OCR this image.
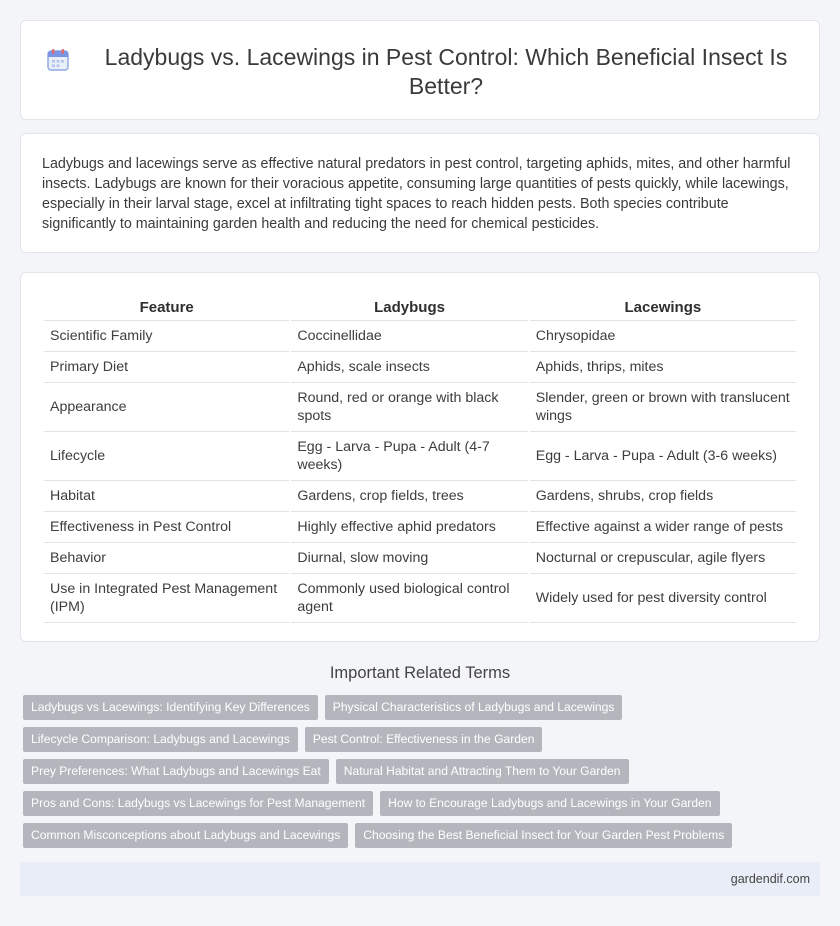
Ladybugs vs. Lacewings in Pest Control: Which Beneficial Insect Is Better?

Ladybugs and lacewings serve as effective natural predators in pest control, targeting aphids, mites, and other harmful insects. Ladybugs are known for their voracious appetite, consuming large quantities of pests quickly, while lacewings, especially in their larval stage, excel at infiltrating tight spaces to reach hidden pests. Both species contribute significantly to maintaining garden health and reducing the need for chemical pesticides.

Feature	Ladybugs	Lacewings
Scientific Family	Coccinellidae	Chrysopidae
Primary Diet	Aphids, scale insects	Aphids, thrips, mites
Appearance	Round, red or orange with black spots	Slender, green or brown with translucent wings
Lifecycle	Egg - Larva - Pupa - Adult (4-7 weeks)	Egg - Larva - Pupa - Adult (3-6 weeks)
Habitat	Gardens, crop fields, trees	Gardens, shrubs, crop fields
Effectiveness in Pest Control	Highly effective aphid predators	Effective against a wider range of pests
Behavior	Diurnal, slow moving	Nocturnal or crepuscular, agile flyers
Use in Integrated Pest Management (IPM)	Commonly used biological control agent	Widely used for pest diversity control
Important Related Terms
Ladybugs vs Lacewings: Identifying Key Differences Physical Characteristics of Ladybugs and Lacewings
Lifecycle Comparison: Ladybugs and Lacewings Pest Control: Effectiveness in the Garden
Prey Preferences: What Ladybugs and Lacewings Eat Natural Habitat and Attracting Them to Your Garden
Pros and Cons: Ladybugs vs Lacewings for Pest Management How to Encourage Ladybugs and Lacewings in Your Garden
Common Misconceptions about Ladybugs and Lacewings Choosing the Best Beneficial Insect for Your Garden Pest Problems
gardendif.com
